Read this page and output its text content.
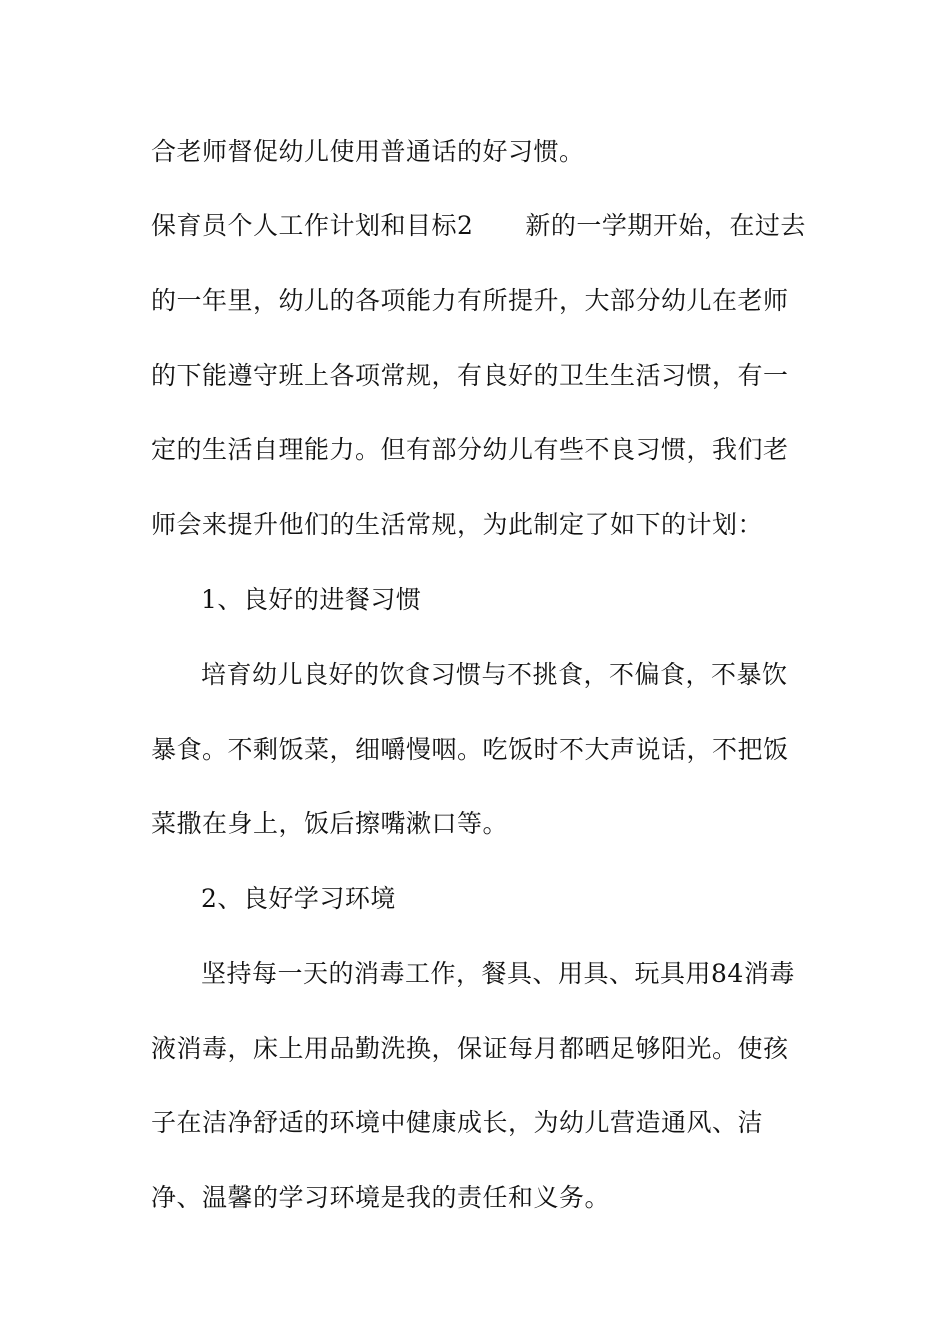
合老师督促幼儿使用普通话的好习惯。
保育员个人工作计划和目标2 新的一学期开始，在过去
的一年里，幼儿的各项能力有所提升，大部分幼儿在老师
的下能遵守班上各项常规，有良好的卫生生活习惯，有一
定的生活自理能力。但有部分幼儿有些不良习惯，我们老
师会来提升他们的生活常规，为此制定了如下的计划：
1、良好的进餐习惯
培育幼儿良好的饮食习惯与不挑食，不偏食，不暴饮
暴食。不剩饭菜，细嚼慢咽。吃饭时不大声说话，不把饭
菜撒在身上，饭后擦嘴漱口等。
2、良好学习环境
坚持每一天的消毒工作，餐具、用具、玩具用84消毒
液消毒，床上用品勤洗换，保证每月都晒足够阳光。使孩
子在洁净舒适的环境中健康成长，为幼儿营造通风、洁
净、温馨的学习环境是我的责任和义务。
